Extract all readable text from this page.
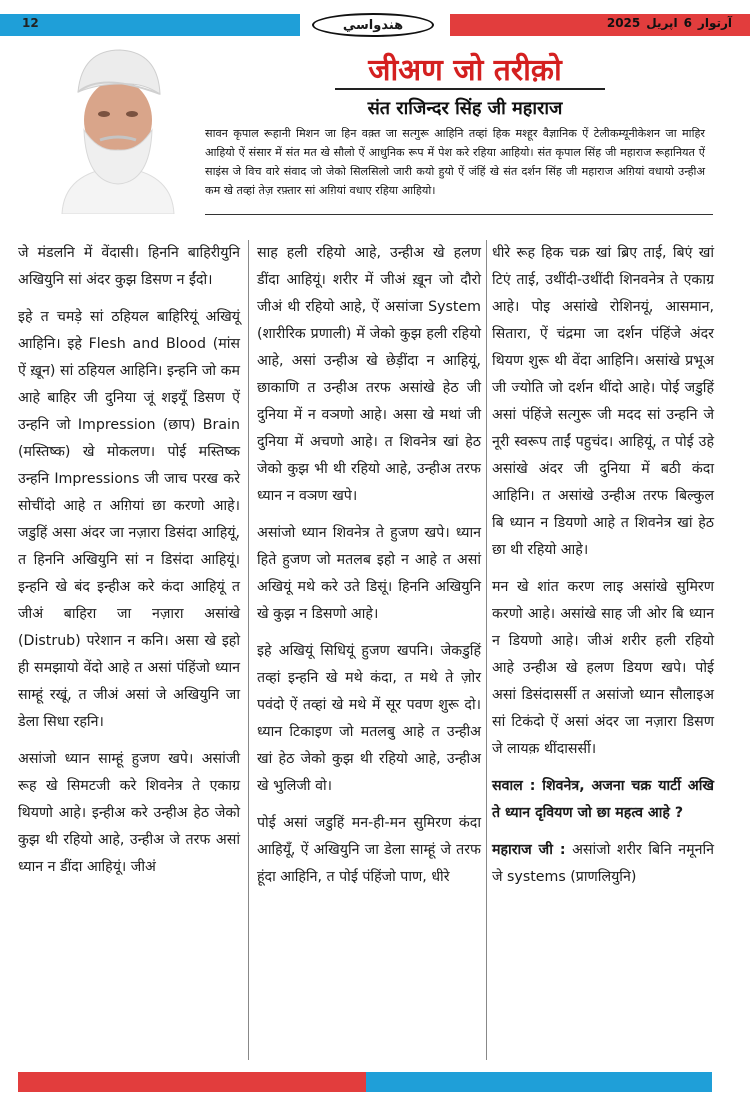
12	هندواسي	2025 اپريل 6 آرتوار
जीअण जो तरीक़ो
संत राजिन्दर सिंह जी महाराज
सावन कृपाल रूहानी मिशन जा हिन वक़्त जा सत्गुरू आहिनि तव्हां हिक मश्हूर वैज्ञानिक ऐं टेलीकम्यूनीकेशन जा माहिर आहियो ऐं संसार में संत मत खे सौलो ऐं आधुनिक रूप में पेश करे रहिया आहियो। संत कृपाल सिंह जी महाराज रूहानियत ऐं साइंस जे विच वारे संवाद जो जेको सिलसिलो जारी कयो हुयो ऐं जंहिं खे संत दर्शन सिंह जी महाराज अग़ियां वधायो उन्हीअ कम खे तव्हां तेज़ रफ़्तार सां अग़ियां वधाए रहिया आहियो।

जे मंडलनि में वेंदासी। हिननि बाहिरीयुनि अखियुनि सां अंदर कुझ डिसण न ईंदो।

इहे त चमड़े सां ठहियल बाहिरियूं अखियूं आहिनि। इहे Flesh and Blood (मांस ऐं ख़ून) सां ठहियल आहिनि। इन्हनि जो कम आहे बाहिर जी दुनिया जूं शइयूँ डिसण ऐं उन्हनि जो Impression (छाप) Brain (मस्तिष्क) खे मोकलण। पोई मस्तिष्क उन्हनि Impressions जी जाच परख करे सोचींदो आहे त अग़ियां छा करणो आहे। जडुहिं असा अंदर जा नज़ारा डिसंदा आहियूं, त हिननि अखियुनि सां न डिसंदा आहियूं। इन्हनि खे बंद इन्हीअ करे कंदा आहियूं त जीअं बाहिरा जा नज़ारा असांखे (Distrub) परेशान न कनि। असा खे इहो ही समझायो वेंदो आहे त असां पंहिंजो ध्यान साम्हूं रखूं, त जीअं असां जे अखियुनि जा डेला सिधा रहनि।

असांजो ध्यान साम्हूं हुजण खपे। असांजी रूह खे सिमटजी करे शिवनेत्र ते एकाग्र थियणो आहे। इन्हीअ करे उन्हीअ हेठ जेको कुझ थी रहियो आहे, उन्हीअ जे तरफ असां ध्यान न डींदा आहियूं। जीअं

साह हली रहियो आहे, उन्हीअ खे हलण डींदा आहियूं। शरीर में जीअं ख़ून जो दौरो जीअं थी रहियो आहे, ऐं असांजा System (शारीरिक प्रणाली) में जेको कुझ हली रहियो आहे, असां उन्हीअ खे छेड़ींदा न आहियूं, छाकाणि त उन्हीअ तरफ असांखे हेठ जी दुनिया में न वञणो आहे। असा खे मथां जी दुनिया में अचणो आहे। त शिवनेत्र खां हेठ जेको कुझ भी थी रहियो आहे, उन्हीअ तरफ ध्यान न वञण खपे।

असांजो ध्यान शिवनेत्र ते हुजण खपे। ध्यान हिते हुजण जो मतलब इहो न आहे त असां अखियूं मथे करे उते डिसूं। हिननि अखियुनि खे कुझ न डिसणो आहे।

इहे अखियूं सिधियूं हुजण खपनि। जेकडुहिं तव्हां इन्हनि खे मथे कंदा, त मथे ते ज़ोर पवंदो ऐं तव्हां खे मथे में सूर पवण शुरू दो। ध्यान टिकाइण जो मतलबु आहे त उन्हीअ खां हेठ जेको कुझ थी रहियो आहे, उन्हीअ खे भुलिजी वो।

पोई असां जडुहिं मन-ही-मन सुमिरण कंदा आहियूँ, ऐं अखियुनि जा डेला साम्हूं जे तरफ हूंदा आहिनि, त पोई पंहिंजो पाण, धीरे

धीरे रूह हिक चक्र खां ब्रिए ताई, बिएं खां टिएं ताई, उथींदी-उथींदी शिनवनेत्र ते एकाग्र आहे। पोइ असांखे रोशिनयूं, आसमान, सितारा, ऐं चंद्रमा जा दर्शन पंहिंजे अंदर थियण शुरू थी वेंदा आहिनि। असांखे प्रभूअ जी ज्योति जो दर्शन थींदो आहे। पोई जडुहिं असां पंहिंजे सत्गुरू जी मदद सां उन्हनि जे नूरी स्वरूप ताईं पहुचंद। आहियूं, त पोई उहे असांखे अंदर जी दुनिया में बठी कंदा आहिनि। त असांखे उन्हीअ तरफ बिल्कुल बि ध्यान न डियणो आहे त शिवनेत्र खां हेठ छा थी रहियो आहे।

मन खे शांत करण लाइ असांखे सुमिरण करणो आहे। असांखे साह जी ओर बि ध्यान न डियणो आहे। जीअं शरीर हली रहियो आहे उन्हीअ खे हलण डियण खपे। पोई असां डिसंदासर्सी त असांजो ध्यान सौलाइअ सां टिकंदो ऐं असां अंदर जा नज़ारा डिसण जे लायक़ थींदासर्सी।

सवाल : शिवनेत्र, अजना चक्र यार्टी अखि ते ध्यान दृवियण जो छा महत्व आहे ?

महाराज जी : असांजो शरीर बिनि नमूननि जे systems (प्राणलियुनि)
